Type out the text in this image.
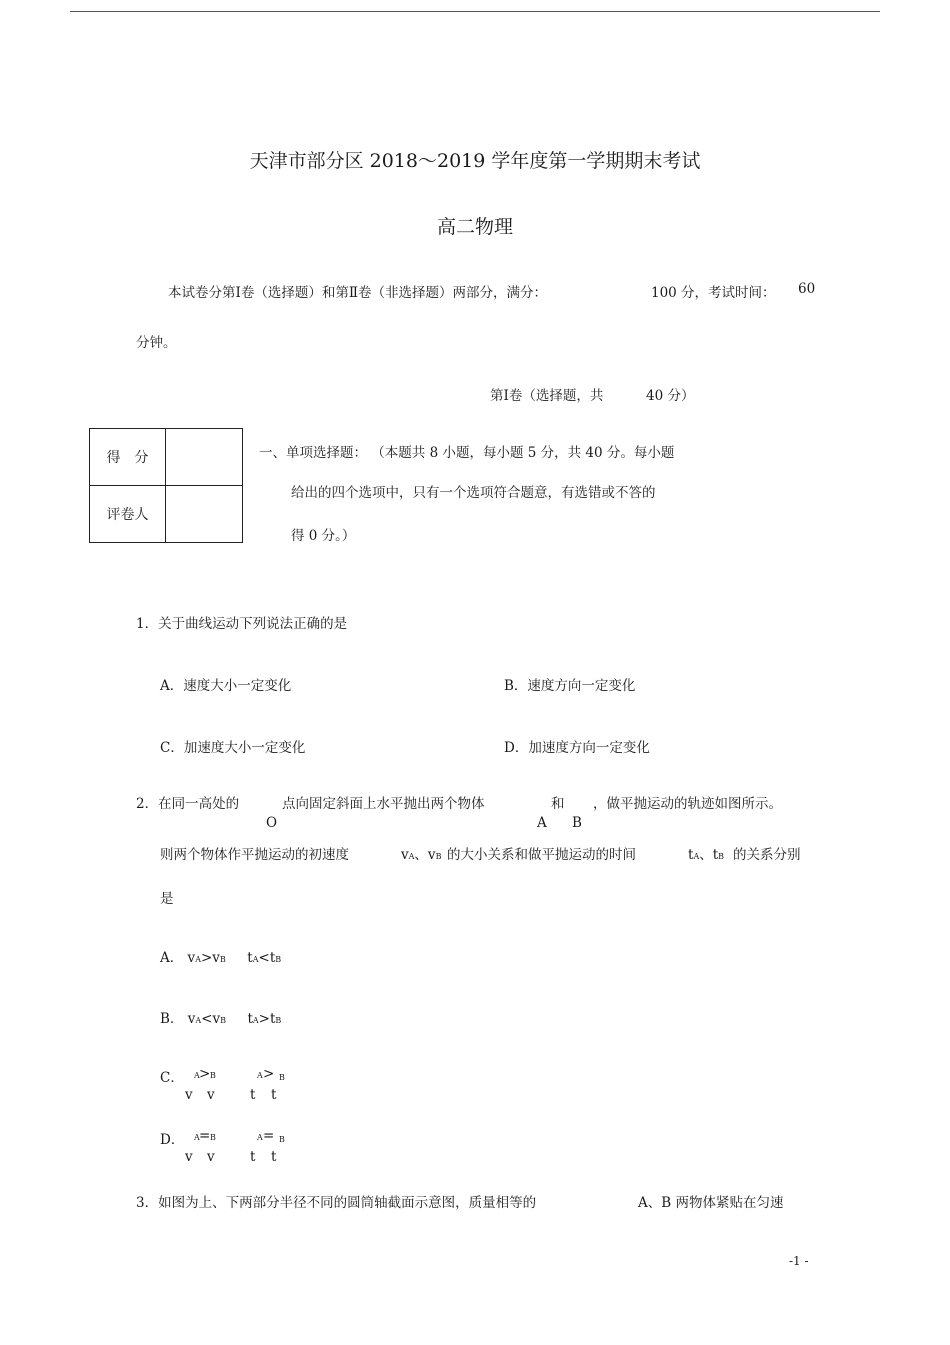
天津市部分区 2018～2019 学年度第一学期期末考试
高二物理
本试卷分第Ⅰ卷（选择题）和第Ⅱ卷（非选择题）两部分，满分：	100 分，考试时间： 60
分钟。
第Ⅰ卷（选择题，共	40 分）
得　分	
评卷人	
一、单项选择题： （本题共 8 小题，每小题 5 分，共 40 分。每小题
给出的四个选项中，只有一个选项符合题意，有选错或不答的
得 0 分。）
1．关于曲线运动下列说法正确的是
A．速度大小一定变化	B．速度方向一定变化
C．加速度大小一定变化	D．加速度方向一定变化
2．在同一高处的	点向固定斜面上水平抛出两个物体	和 ，做平抛运动的轨迹如图所示。
O	A B
则两个物体作平抛运动的初速度	vA、vB 的大小关系和做平抛运动的时间	tA、tB 的关系分别
是
A． vA>vB tA<tB
B． vA<vB tA>tB
C． A > B	A > B
v v	t t
D． A = B	A = B
v v	t t
3．如图为上、下两部分半径不同的圆筒轴截面示意图，质量相等的	A、B 两物体紧贴在匀速
-1 -
